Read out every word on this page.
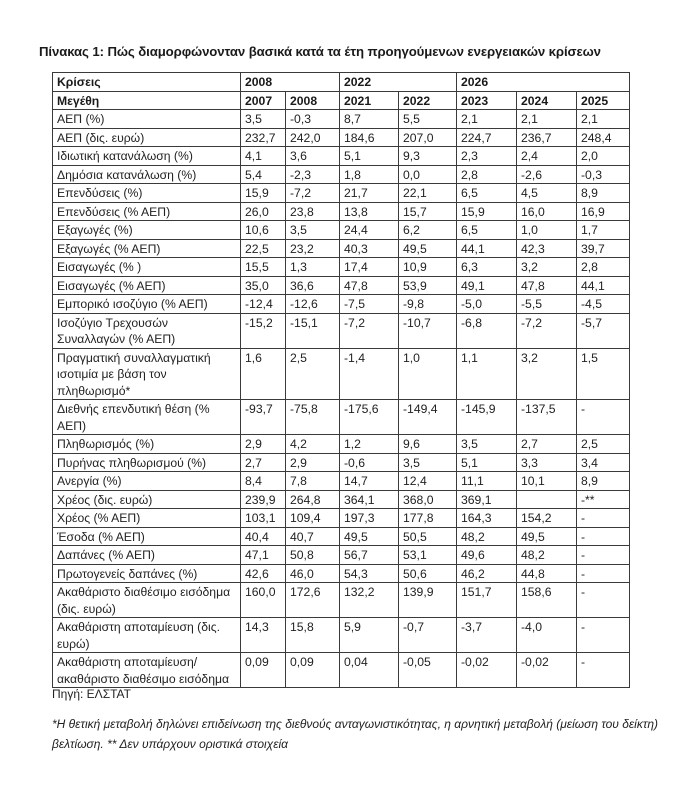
Πίνακας 1: Πώς διαμορφώνονταν βασικά κατά τα έτη προηγούμενων ενεργειακών κρίσεων
Κρίσεις	2008		2022		2026		
Μεγέθη	2007	2008	2021	2022	2023	2024	2025
ΑΕΠ (%)	3,5	-0,3	8,7	5,5	2,1	2,1	2,1
ΑΕΠ (δις. ευρώ)	232,7	242,0	184,6	207,0	224,7	236,7	248,4
Ιδιωτική κατανάλωση (%)	4,1	3,6	5,1	9,3	2,3	2,4	2,0
Δημόσια κατανάλωση (%)	5,4	-2,3	1,8	0,0	2,8	-2,6	-0,3
Επενδύσεις (%)	15,9	-7,2	21,7	22,1	6,5	4,5	8,9
Επενδύσεις (% ΑΕΠ)	26,0	23,8	13,8	15,7	15,9	16,0	16,9
Εξαγωγές (%)	10,6	3,5	24,4	6,2	6,5	1,0	1,7
Εξαγωγές (% ΑΕΠ)	22,5	23,2	40,3	49,5	44,1	42,3	39,7
Εισαγωγές (% )	15,5	1,3	17,4	10,9	6,3	3,2	2,8
Εισαγωγές (% ΑΕΠ)	35,0	36,6	47,8	53,9	49,1	47,8	44,1
Εμπορικό ισοζύγιο (% ΑΕΠ)	-12,4	-12,6	-7,5	-9,8	-5,0	-5,5	-4,5
Ισοζύγιο Τρεχουσών Συναλλαγών (% ΑΕΠ)	-15,2	-15,1	-7,2	-10,7	-6,8	-7,2	-5,7
Πραγματική συναλλαγματική ισοτιμία με βάση τον πληθωρισμό*	1,6	2,5	-1,4	1,0	1,1	3,2	1,5
Διεθνής επενδυτική θέση (% ΑΕΠ)	-93,7	-75,8	-175,6	-149,4	-145,9	-137,5	-
Πληθωρισμός (%)	2,9	4,2	1,2	9,6	3,5	2,7	2,5
Πυρήνας πληθωρισμού (%)	2,7	2,9	-0,6	3,5	5,1	3,3	3,4
Ανεργία (%)	8,4	7,8	14,7	12,4	11,1	10,1	8,9
Χρέος (δις. ευρώ)	239,9	264,8	364,1	368,0	369,1		-**
Χρέος (% ΑΕΠ)	103,1	109,4	197,3	177,8	164,3	154,2	-
Έσοδα (% ΑΕΠ)	40,4	40,7	49,5	50,5	48,2	49,5	-
Δαπάνες (% ΑΕΠ)	47,1	50,8	56,7	53,1	49,6	48,2	-
Πρωτογενείς δαπάνες (%)	42,6	46,0	54,3	50,6	46,2	44,8	-
Ακαθάριστο διαθέσιμο εισόδημα (δις. ευρώ)	160,0	172,6	132,2	139,9	151,7	158,6	-
Ακαθάριστη αποταμίευση (δις. ευρώ)	14,3	15,8	5,9	-0,7	-3,7	-4,0	-
Ακαθάριστη αποταμίευση/ακαθάριστο διαθέσιμο εισόδημα	0,09	0,09	0,04	-0,05	-0,02	-0,02	-
Πηγή: ΕΛΣΤΑΤ
*Η θετική μεταβολή δηλώνει επιδείνωση της διεθνούς ανταγωνιστικότητας, η αρνητική μεταβολή (μείωση του δείκτη) βελτίωση. ** Δεν υπάρχουν οριστικά στοιχεία
